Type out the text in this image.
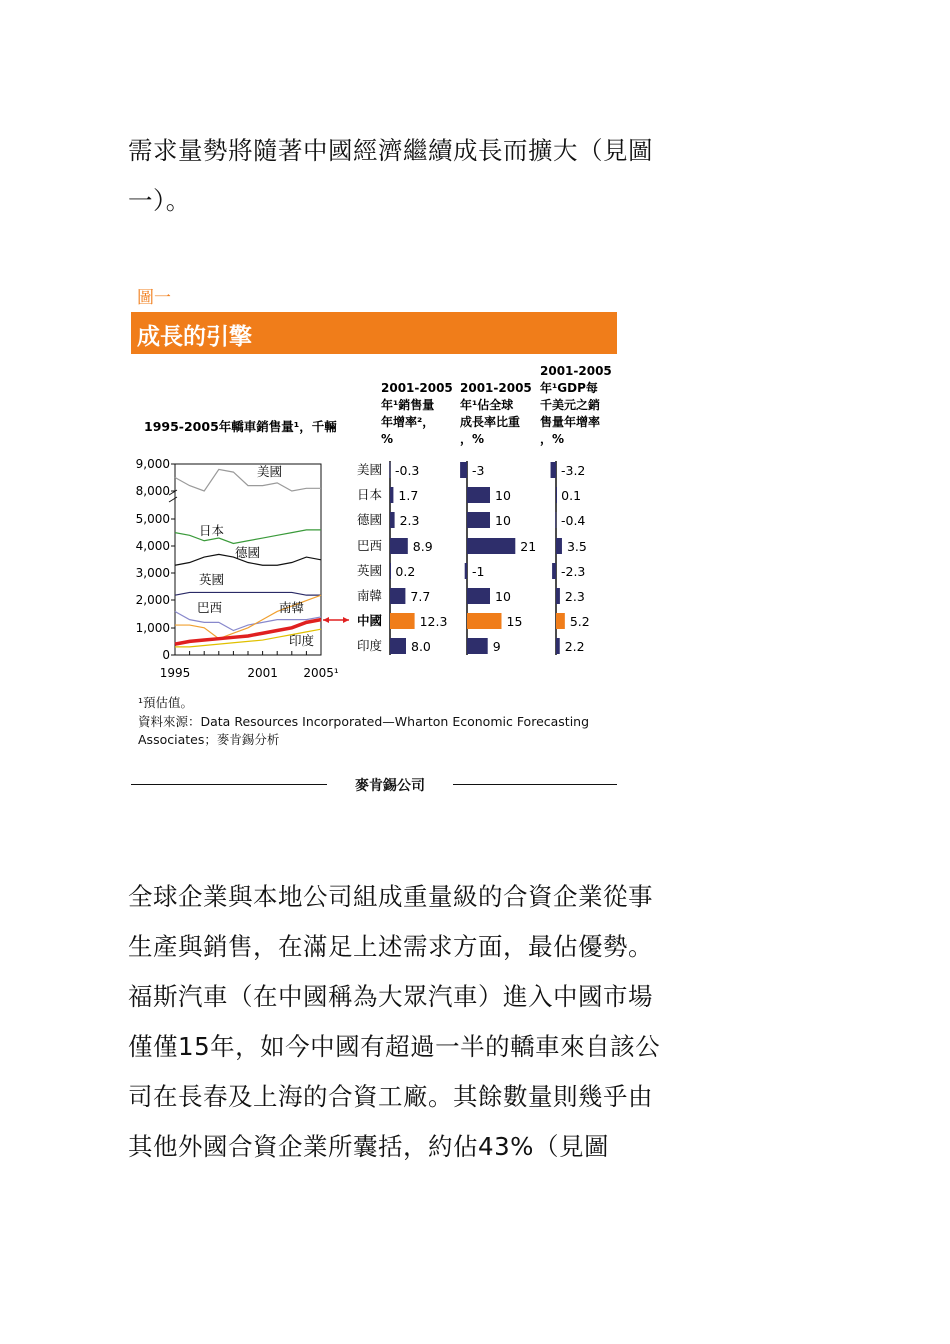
需求量勢將隨著中國經濟繼續成長而擴大（見圖一）。

圖一
成長的引擎
1995-2005年轎車銷售量¹，千輛
0
1,000
2,000
3,000
4,000
5,000
8,000
9,000
1995	2001 2005¹
美國
日本
德國
英國
巴西	南韓
印度
美國
日本
德國
巴西
英國
南韓
中國
印度
-0.3
1.7
2.3
8.9
0.2
7.7
12.3
8.0
-3
10
10
21
-1
10
15
9
-3.2
0.1
-0.4
3.5
-2.3
2.3
5.2
2.2
2001-2005 年¹銷售量年增率²，%
2001-2005 年¹佔全球成長率比重，%
2001-2005 年¹GDP每千美元之銷售量年增率，%
¹預估值。
資料來源：Data Resources Incorporated—Wharton Economic Forecasting Associates；麥肯錫分析
麥肯錫公司

全球企業與本地公司組成重量級的合資企業從事生產與銷售，在滿足上述需求方面，最佔優勢。福斯汽車（在中國稱為大眾汽車）進入中國市場僅僅15年，如今中國有超過一半的轎車來自該公司在長春及上海的合資工廠。其餘數量則幾乎由其他外國合資企業所囊括，約佔43%（見圖
